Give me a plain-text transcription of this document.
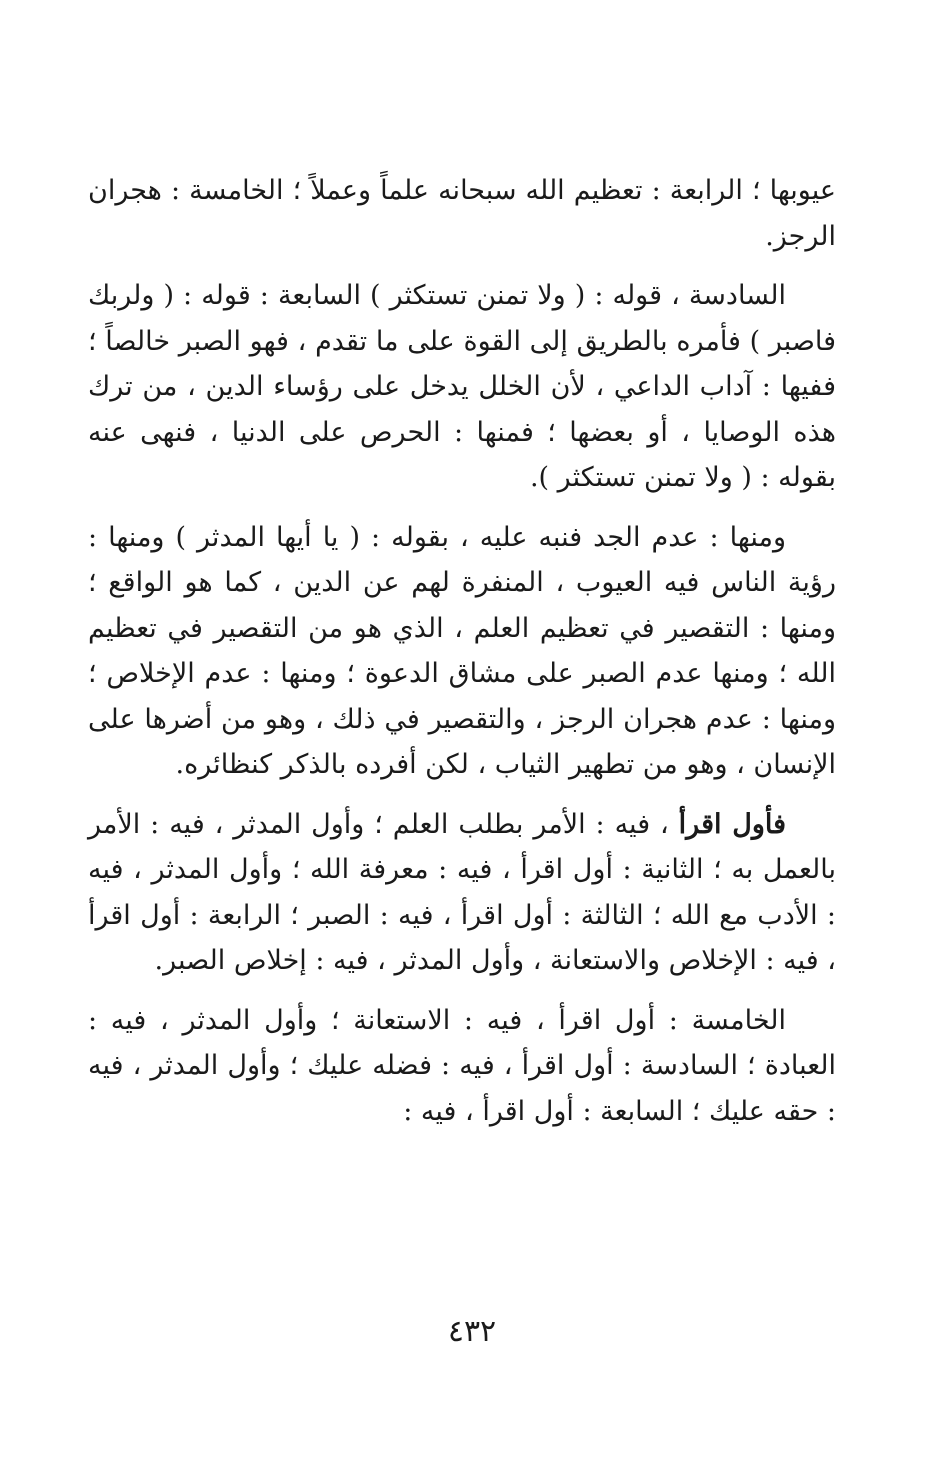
عيوبها ؛ الرابعة : تعظيم الله سبحانه علماً وعملاً ؛ الخامسة : هجران الرجز.

السادسة ، قوله : ( ولا تمنن تستكثر ) السابعة : قوله : ( ولربك فاصبر ) فأمره بالطريق إلى القوة على ما تقدم ، فهو الصبر خالصاً ؛ ففيها : آداب الداعي ، لأن الخلل يدخل على رؤساء الدين ، من ترك هذه الوصايا ، أو بعضها ؛ فمنها : الحرص على الدنيا ، فنهى عنه بقوله : ( ولا تمنن تستكثر ).

ومنها : عدم الجد فنبه عليه ، بقوله : ( يا أيها المدثر ) ومنها : رؤية الناس فيه العيوب ، المنفرة لهم عن الدين ، كما هو الواقع ؛ ومنها : التقصير في تعظيم العلم ، الذي هو من التقصير في تعظيم الله ؛ ومنها عدم الصبر على مشاق الدعوة ؛ ومنها : عدم الإخلاص ؛ ومنها : عدم هجران الرجز ، والتقصير في ذلك ، وهو من أضرها على الإنسان ، وهو من تطهير الثياب ، لكن أفرده بالذكر كنظائره.

فأول اقرأ ، فيه : الأمر بطلب العلم ؛ وأول المدثر ، فيه : الأمر بالعمل به ؛ الثانية : أول اقرأ ، فيه : معرفة الله ؛ وأول المدثر ، فيه : الأدب مع الله ؛ الثالثة : أول اقرأ ، فيه : الصبر ؛ الرابعة : أول اقرأ ، فيه : الإخلاص والاستعانة ، وأول المدثر ، فيه : إخلاص الصبر.

الخامسة : أول اقرأ ، فيه : الاستعانة ؛ وأول المدثر ، فيه : العبادة ؛ السادسة : أول اقرأ ، فيه : فضله عليك ؛ وأول المدثر ، فيه : حقه عليك ؛ السابعة : أول اقرأ ، فيه :

٤٣٢
